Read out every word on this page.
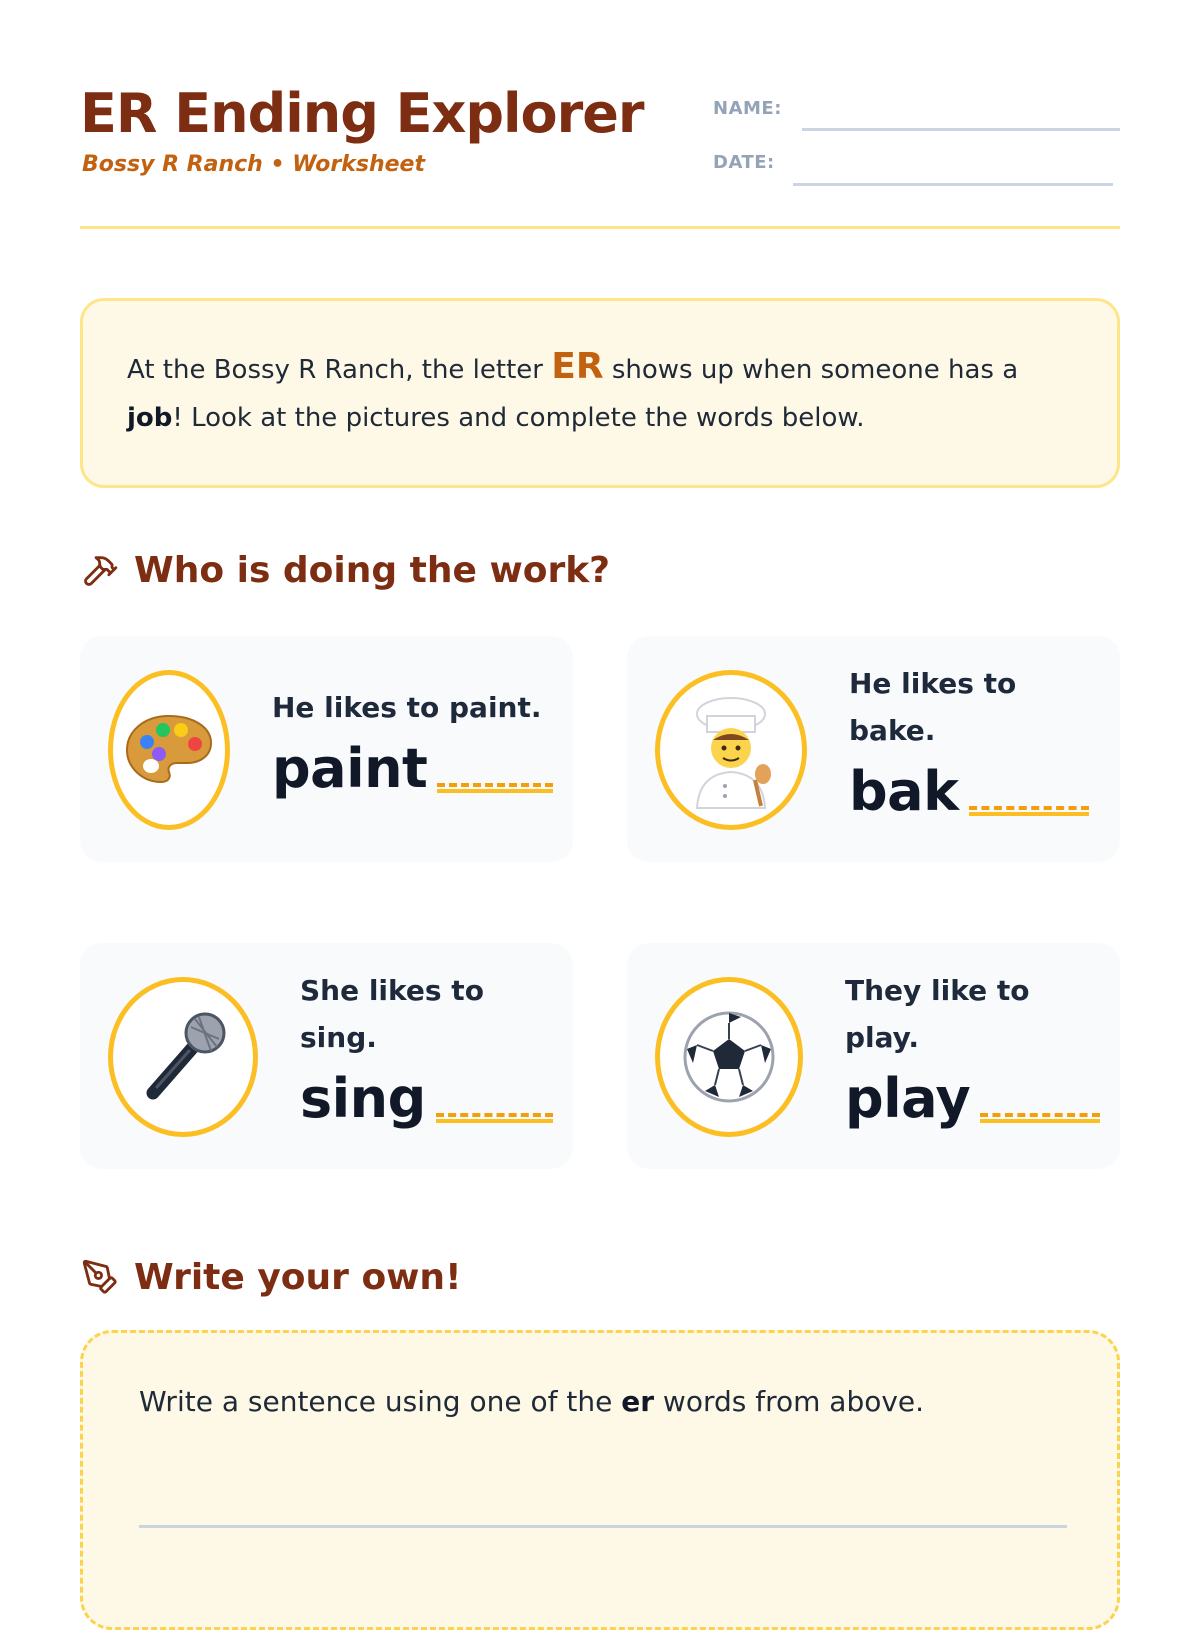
ER Ending Explorer
Bossy R Ranch • Worksheet
NAME:
DATE:
At the Bossy R Ranch, the letter ER shows up when someone has a job! Look at the pictures and complete the words below.
Who is doing the work?
He likes to paint.
paint
He likes to bake.
bak
She likes to sing.
sing
They like to play.
play
Write your own!
Write a sentence using one of the er words from above.
